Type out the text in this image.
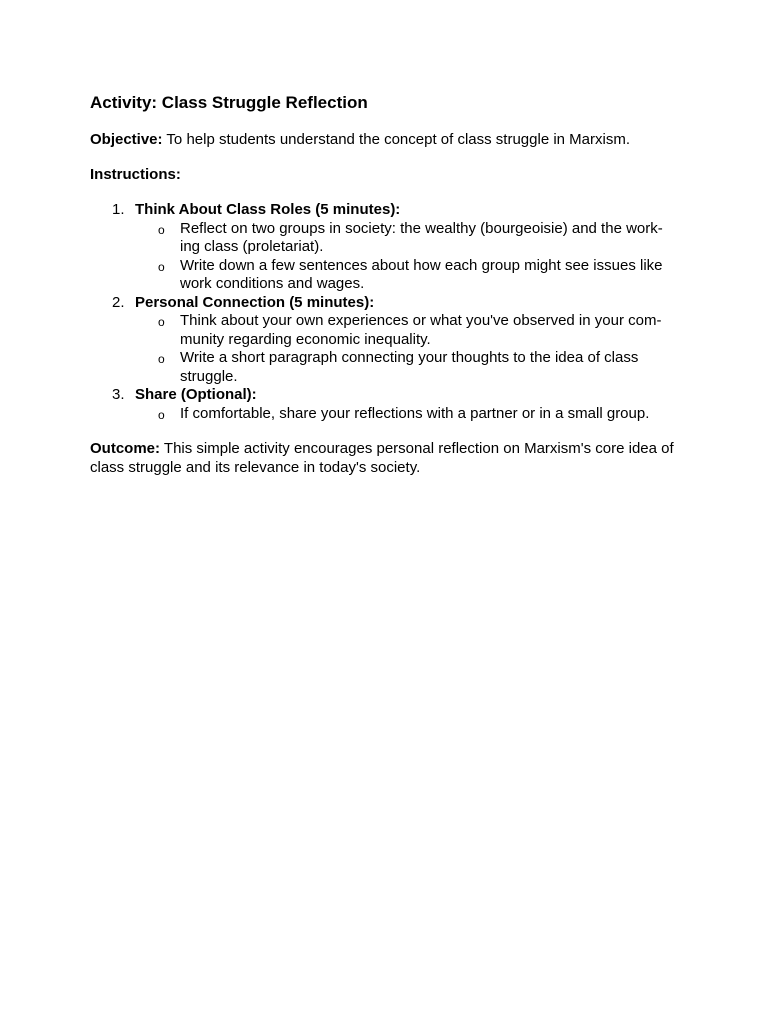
Activity: Class Struggle Reflection

Objective: To help students understand the concept of class struggle in Marxism.

Instructions:
1. Think About Class Roles (5 minutes):
o Reflect on two groups in society: the wealthy (bourgeoisie) and the work-ing class (proletariat).
o Write down a few sentences about how each group might see issues like work conditions and wages.
2. Personal Connection (5 minutes):
o Think about your own experiences or what you've observed in your com-munity regarding economic inequality.
o Write a short paragraph connecting your thoughts to the idea of class struggle.
3. Share (Optional):
o If comfortable, share your reflections with a partner or in a small group.

Outcome: This simple activity encourages personal reflection on Marxism's core idea of class struggle and its relevance in today's society.
